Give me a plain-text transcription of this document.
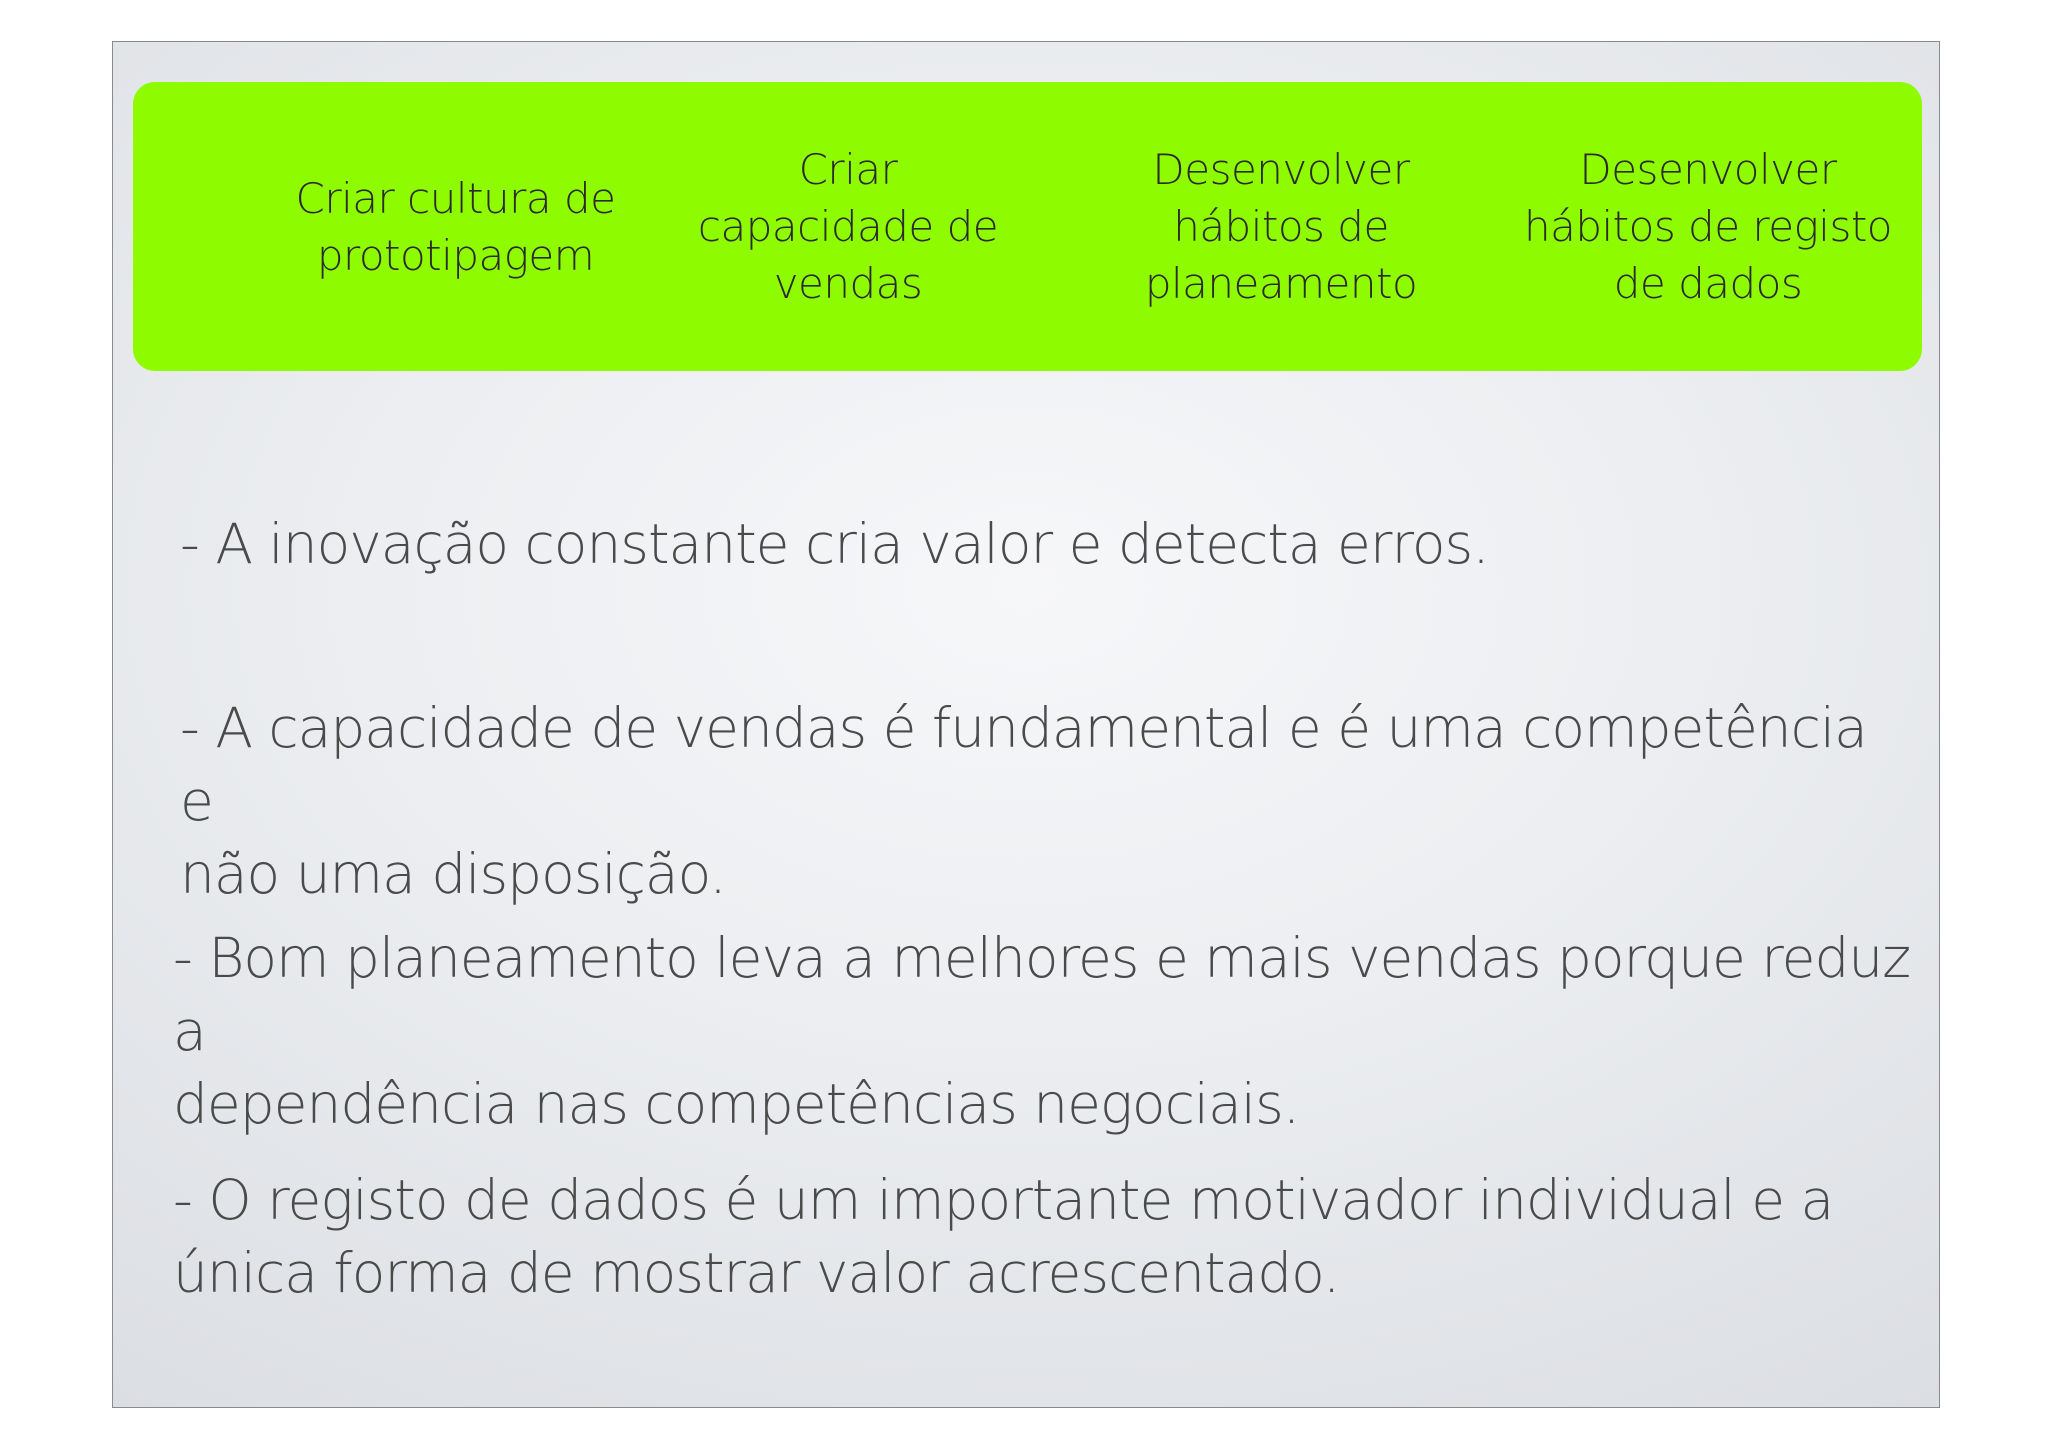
Criar cultura de
prototipagem
Criar
capacidade de
vendas
Desenvolver
hábitos de
planeamento
Desenvolver
hábitos de registo
de dados
- A inovação constante cria valor e detecta erros.
- A capacidade de vendas é fundamental e é uma competência e
não uma disposição.
- Bom planeamento leva a melhores e mais vendas porque reduz a
dependência nas competências negociais.
- O registo de dados é um importante motivador individual e a
única forma de mostrar valor acrescentado.
